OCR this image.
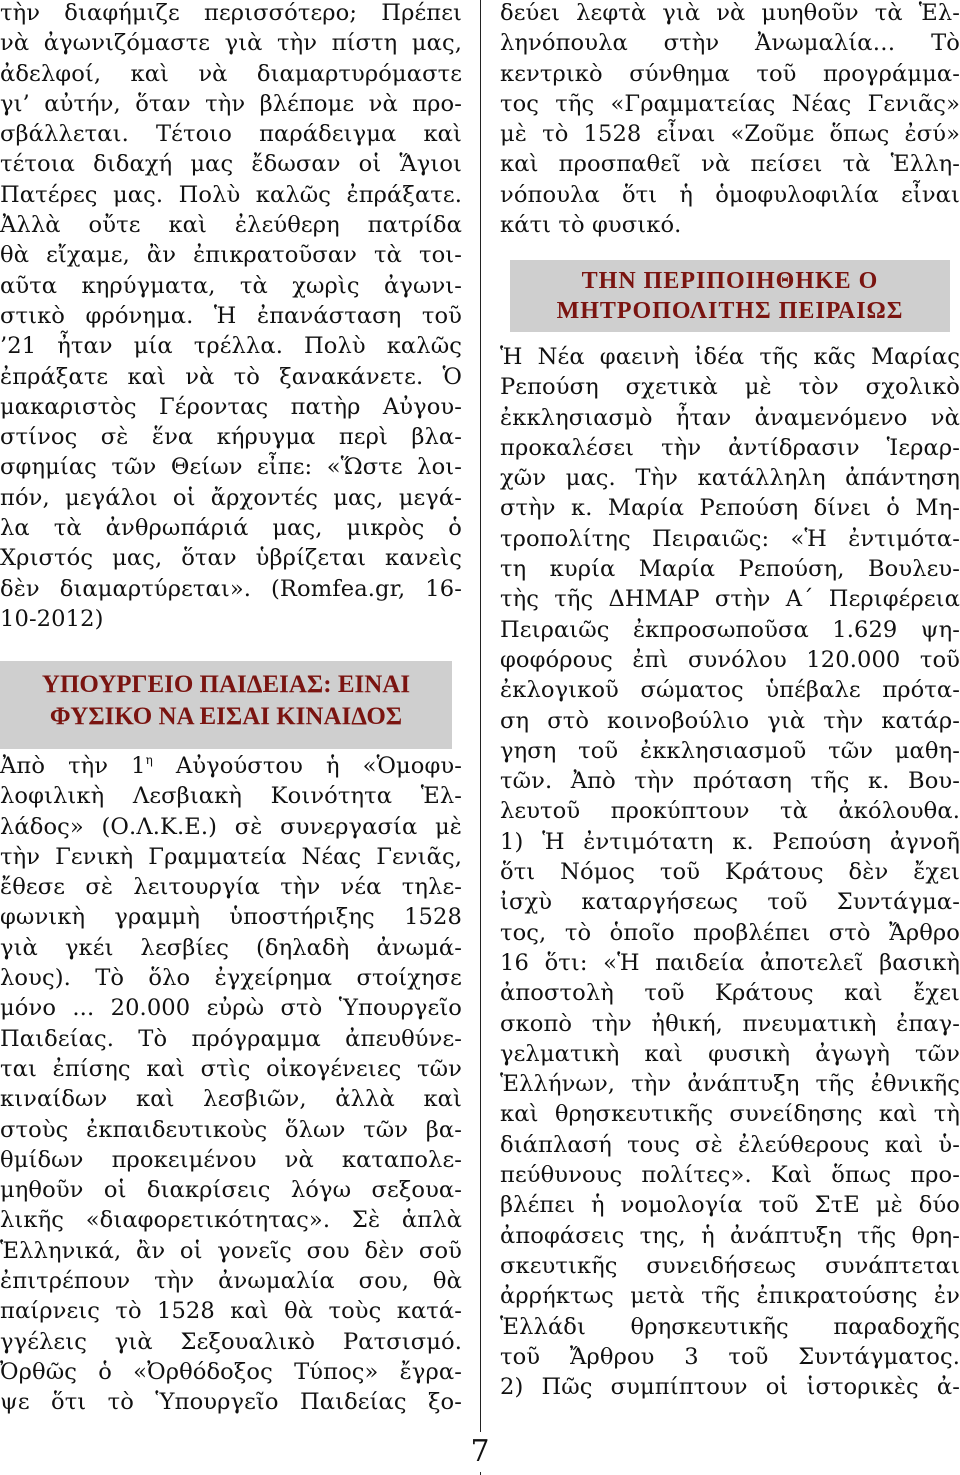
τὴν διαφήμιζε περισσότερο; Πρέπει
νὰ ἀγωνιζόμαστε γιὰ τὴν πίστη μας,
ἀδελφοί, καὶ νὰ διαμαρτυρόμαστε
γι’ αὐτήν, ὅταν τὴν βλέπομε νὰ προ-
σβάλλεται. Τέτοιο παράδειγμα καὶ
τέτοια διδαχή μας ἔδωσαν οἱ Ἅγιοι
Πατέρες μας. Πολὺ καλῶς ἐπράξατε.
Ἀλλὰ οὔτε καὶ ἐλεύθερη πατρίδα
θὰ εἴχαμε, ἂν ἐπικρατοῦσαν τὰ τοι-
αῦτα κηρύγματα, τὰ χωρὶς ἀγωνι-
στικὸ φρόνημα. Ἡ ἐπανάσταση τοῦ
’21 ἦταν μία τρέλλα. Πολὺ καλῶς
ἐπράξατε καὶ νὰ τὸ ξανακάνετε. Ὁ
μακαριστὸς Γέροντας πατὴρ Αὐγου-
στίνος σὲ ἕνα κήρυγμα περὶ βλα-
σφημίας τῶν Θείων εἶπε: «Ὥστε λοι-
πόν, μεγάλοι οἱ ἄρχοντές μας, μεγά-
λα τὰ ἀνθρωπάριά μας, μικρὸς ὁ
Χριστός μας, ὅταν ὑβρίζεται κανεὶς
δὲν διαμαρτύρεται». (Romfea.gr, 16-
10-2012)

ΥΠΟΥΡΓΕΙΟ ΠΑΙΔΕΙΑΣ: ΕΙΝΑΙ
ΦΥΣΙΚΟ ΝΑ ΕΙΣΑΙ ΚΙΝΑΙΔΟΣ
Ἀπὸ τὴν $1^\eta$ Αὐγούστου ἡ «Ὁμοφυ-

λοφιλικὴ Λεσβιακὴ Κοινότητα Ἑλ-
λάδος» (Ο.Λ.Κ.Ε.) σὲ συνεργασία μὲ
τὴν Γενικὴ Γραμματεία Νέας Γενιᾶς,
ἔθεσε σὲ λειτουργία τὴν νέα τηλε-
φωνικὴ γραμμὴ ὑποστήριξης 1528
γιὰ γκέι λεσβίες (δηλαδὴ ἀνωμά-
λους). Τὸ ὅλο ἐγχείρημα στοίχησε
μόνο ... 20.000 εὐρὼ στὸ Ὑπουργεῖο
Παιδείας. Τὸ πρόγραμμα ἀπευθύνε-
ται ἐπίσης καὶ στὶς οἰκογένειες τῶν
κιναίδων καὶ λεσβιῶν, ἀλλὰ καὶ
στοὺς ἐκπαιδευτικοὺς ὅλων τῶν βα-
θμίδων προκειμένου νὰ καταπολε-
μηθοῦν οἱ διακρίσεις λόγω σεξουα-
λικῆς «διαφορετικότητας». Σὲ ἁπλὰ
Ἑλληνικά, ἂν οἱ γονεῖς σου δὲν σοῦ
ἐπιτρέπουν τὴν ἀνωμαλία σου, θὰ
παίρνεις τὸ 1528 καὶ θὰ τοὺς κατά-
γγέλεις γιὰ Σεξουαλικὸ Ρατσισμό.
Ὀρθῶς ὁ «Ὀρθόδοξος Τύπος» ἔγρα-
ψε ὅτι τὸ Ὑπουργεῖο Παιδείας ξο-

δεύει λεφτὰ γιὰ νὰ μυηθοῦν τὰ Ἑλ-
ληνόπουλα στὴν Ἀνωμαλία… Τὸ
κεντρικὸ σύνθημα τοῦ προγράμμα-
τος τῆς «Γραμματείας Νέας Γενιᾶς»
μὲ τὸ 1528 εἶναι «Ζοῦμε ὅπως ἐσύ»
καὶ προσπαθεῖ νὰ πείσει τὰ Ἑλλη-
νόπουλα ὅτι ἡ ὁμοφυλοφιλία εἶναι
κάτι τὸ φυσικό.

ΤΗΝ ΠΕΡΙΠΟΙΗΘΗΚΕ Ο
ΜΗΤΡΟΠΟΛΙΤΗΣ ΠΕΙΡΑΙΩΣ

Ἡ Νέα φαεινὴ ἰδέα τῆς κᾶς Μαρίας
Ρεπούση σχετικὰ μὲ τὸν σχολικὸ
ἐκκλησιασμὸ ἦταν ἀναμενόμενο νὰ
προκαλέσει τὴν ἀντίδρασιν Ἱεραρ-
χῶν μας. Τὴν κατάλληλη ἀπάντηση
στὴν κ. Μαρία Ρεπούση δίνει ὁ Μη-
τροπολίτης Πειραιῶς: «Ἡ ἐντιμότα-
τη κυρία Μαρία Ρεπούση, Βουλευ-
τὴς τῆς ΔΗΜΑΡ στὴν Α΄ Περιφέρεια
Πειραιῶς ἐκπροσωποῦσα 1.629 ψη-
φοφόρους ἐπὶ συνόλου 120.000 τοῦ
ἐκλογικοῦ σώματος ὑπέβαλε πρότα-
ση στὸ κοινοβούλιο γιὰ τὴν κατάρ-
γηση τοῦ ἐκκλησιασμοῦ τῶν μαθη-
τῶν. Ἀπὸ τὴν πρόταση τῆς κ. Βου-
λευτοῦ προκύπτουν τὰ ἀκόλουθα.
1) Ἡ ἐντιμότατη κ. Ρεπούση ἀγνοῆ
ὅτι Νόμος τοῦ Κράτους δὲν ἔχει
ἰσχὺ καταργήσεως τοῦ Συντάγμα-
τος, τὸ ὁποῖο προβλέπει στὸ Ἄρθρο
16 ὅτι: «Ἡ παιδεία ἀποτελεῖ βασικὴ
ἀποστολὴ τοῦ Κράτους καὶ ἔχει
σκοπὸ τὴν ἠθική, πνευματικὴ ἐπαγ-
γελματικὴ καὶ φυσικὴ ἀγωγὴ τῶν
Ἑλλήνων, τὴν ἀνάπτυξη τῆς ἐθνικῆς
καὶ θρησκευτικῆς συνείδησης καὶ τὴ
διάπλασή τους σὲ ἐλεύθερους καὶ ὑ-
πεύθυνους πολίτες». Καὶ ὅπως προ-
βλέπει ἡ νομολογία τοῦ ΣτΕ μὲ δύο
ἀποφάσεις της, ἡ ἀνάπτυξη τῆς θρη-
σκευτικῆς συνειδήσεως συνάπτεται
ἀρρήκτως μετὰ τῆς ἐπικρατούσης ἐν
Ἑλλάδι θρησκευτικῆς παραδοχῆς
τοῦ Ἄρθρου 3 τοῦ Συντάγματος.
2) Πῶς συμπίπτουν οἱ ἱστορικὲς ἀ-

7
